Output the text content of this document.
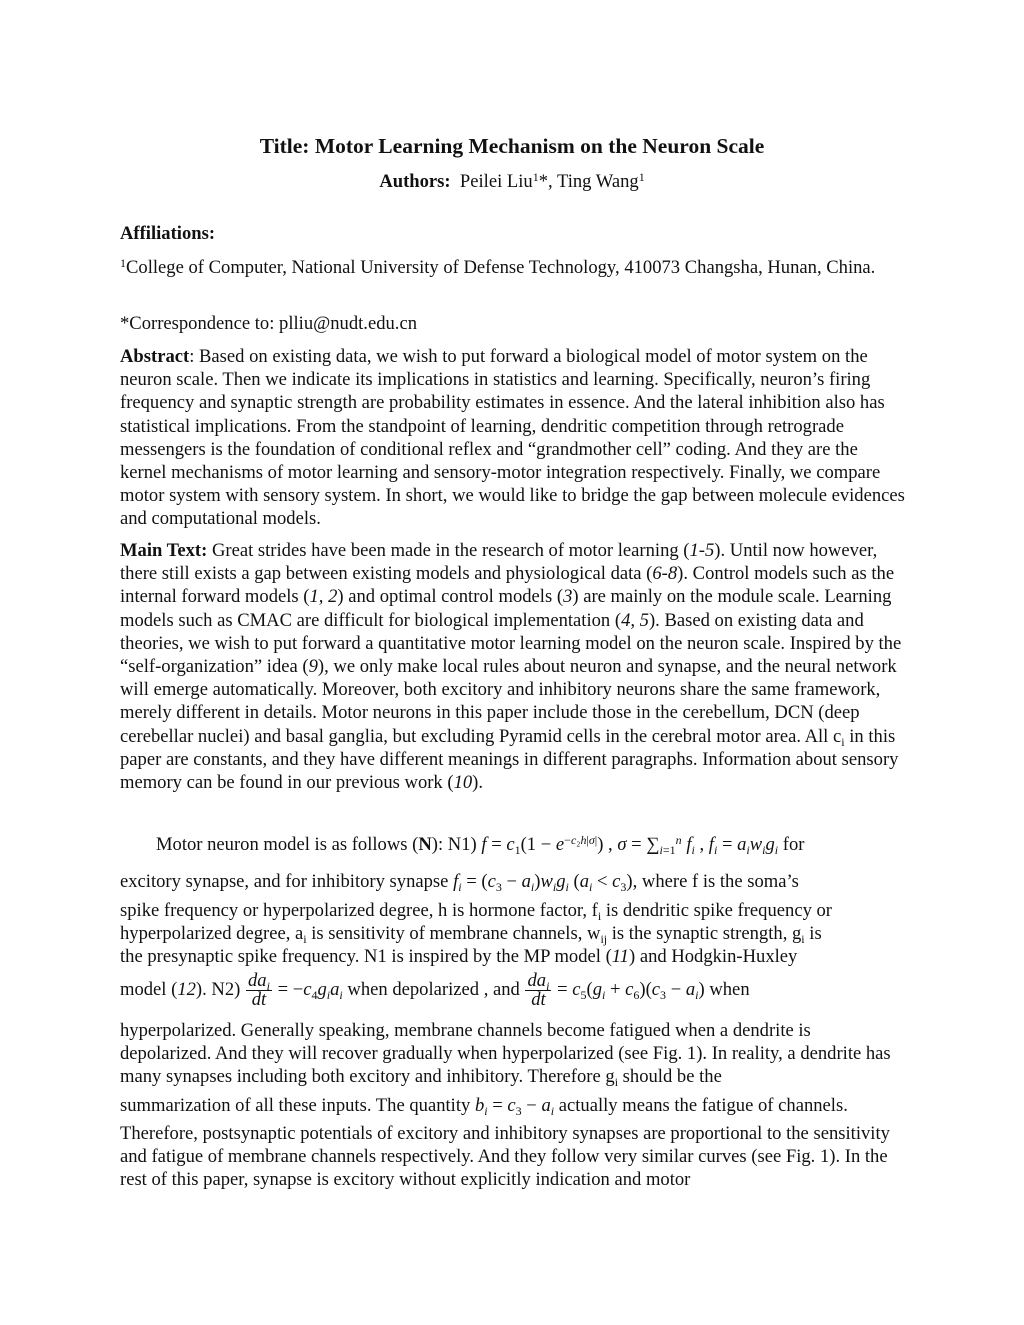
Title: Motor Learning Mechanism on the Neuron Scale
Authors: Peilei Liu$^1$*, Ting Wang$^1$
Affiliations:
$^1$College of Computer, National University of Defense Technology, 410073 Changsha, Hunan, China.
*Correspondence to: plliu@nudt.edu.cn
Abstract: Based on existing data, we wish to put forward a biological model of motor system on the neuron scale. Then we indicate its implications in statistics and learning. Specifically, neuron’s firing frequency and synaptic strength are probability estimates in essence. And the lateral inhibition also has statistical implications. From the standpoint of learning, dendritic competition through retrograde messengers is the foundation of conditional reflex and “grandmother cell” coding. And they are the kernel mechanisms of motor learning and sensory-motor integration respectively. Finally, we compare motor system with sensory system. In short, we would like to bridge the gap between molecule evidences and computational models.
Main Text: Great strides have been made in the research of motor learning (1-5). Until now however, there still exists a gap between existing models and physiological data (6-8). Control models such as the internal forward models (1, 2) and optimal control models (3) are mainly on the module scale. Learning models such as CMAC are difficult for biological implementation (4, 5). Based on existing data and theories, we wish to put forward a quantitative motor learning model on the neuron scale. Inspired by the “self-organization” idea (9), we only make local rules about neuron and synapse, and the neural network will emerge automatically. Moreover, both excitory and inhibitory neurons share the same framework, merely different in details. Motor neurons in this paper include those in the cerebellum, DCN (deep cerebellar nuclei) and basal ganglia, but excluding Pyramid cells in the cerebral motor area. All $c_i$ in this paper are constants, and they have different meanings in different paragraphs. Information about sensory memory can be found in our previous work (10).
Motor neuron model is as follows (N): N1) $f = c_1(1 - e^{-c_2h|\sigma|})$ , $\sigma = \sum_{i=1}^n$ $f_i$ , $f_i = a_iw_ig_i$ for
excitory synapse, and for inhibitory synapse $f_i = (c_3 - a_i)w_ig_i$ $(a_i < c_3)$, where f is the soma’s
spike frequency or hyperpolarized degree, h is hormone factor, $f_i$ is dendritic spike frequency or
hyperpolarized degree, $a_i$ is sensitivity of membrane channels, $w_{ij}$ is the synaptic strength, $g_i$ is
the presynaptic spike frequency. N1 is inspired by the MP model (11) and Hodgkin-Huxley
model (12). $N2) \frac{da_i}{dt} = -c_4g_ia_i$ when depolarized , and $\frac{da_i}{dt} = c_5(g_i + c_6)(c_3 - a_i)$ when
hyperpolarized. Generally speaking, membrane channels become fatigued when a dendrite is depolarized. And they will recover gradually when hyperpolarized (see Fig. 1). In reality, a dendrite has many synapses including both excitory and inhibitory. Therefore $g_i$ should be the
summarization of all these inputs. The quantity $b_i = c_3 - a_i$ actually means the fatigue of channels.
Therefore, postsynaptic potentials of excitory and inhibitory synapses are proportional to the sensitivity and fatigue of membrane channels respectively. And they follow very similar curves (see Fig. 1). In the rest of this paper, synapse is excitory without explicitly indication and motor
